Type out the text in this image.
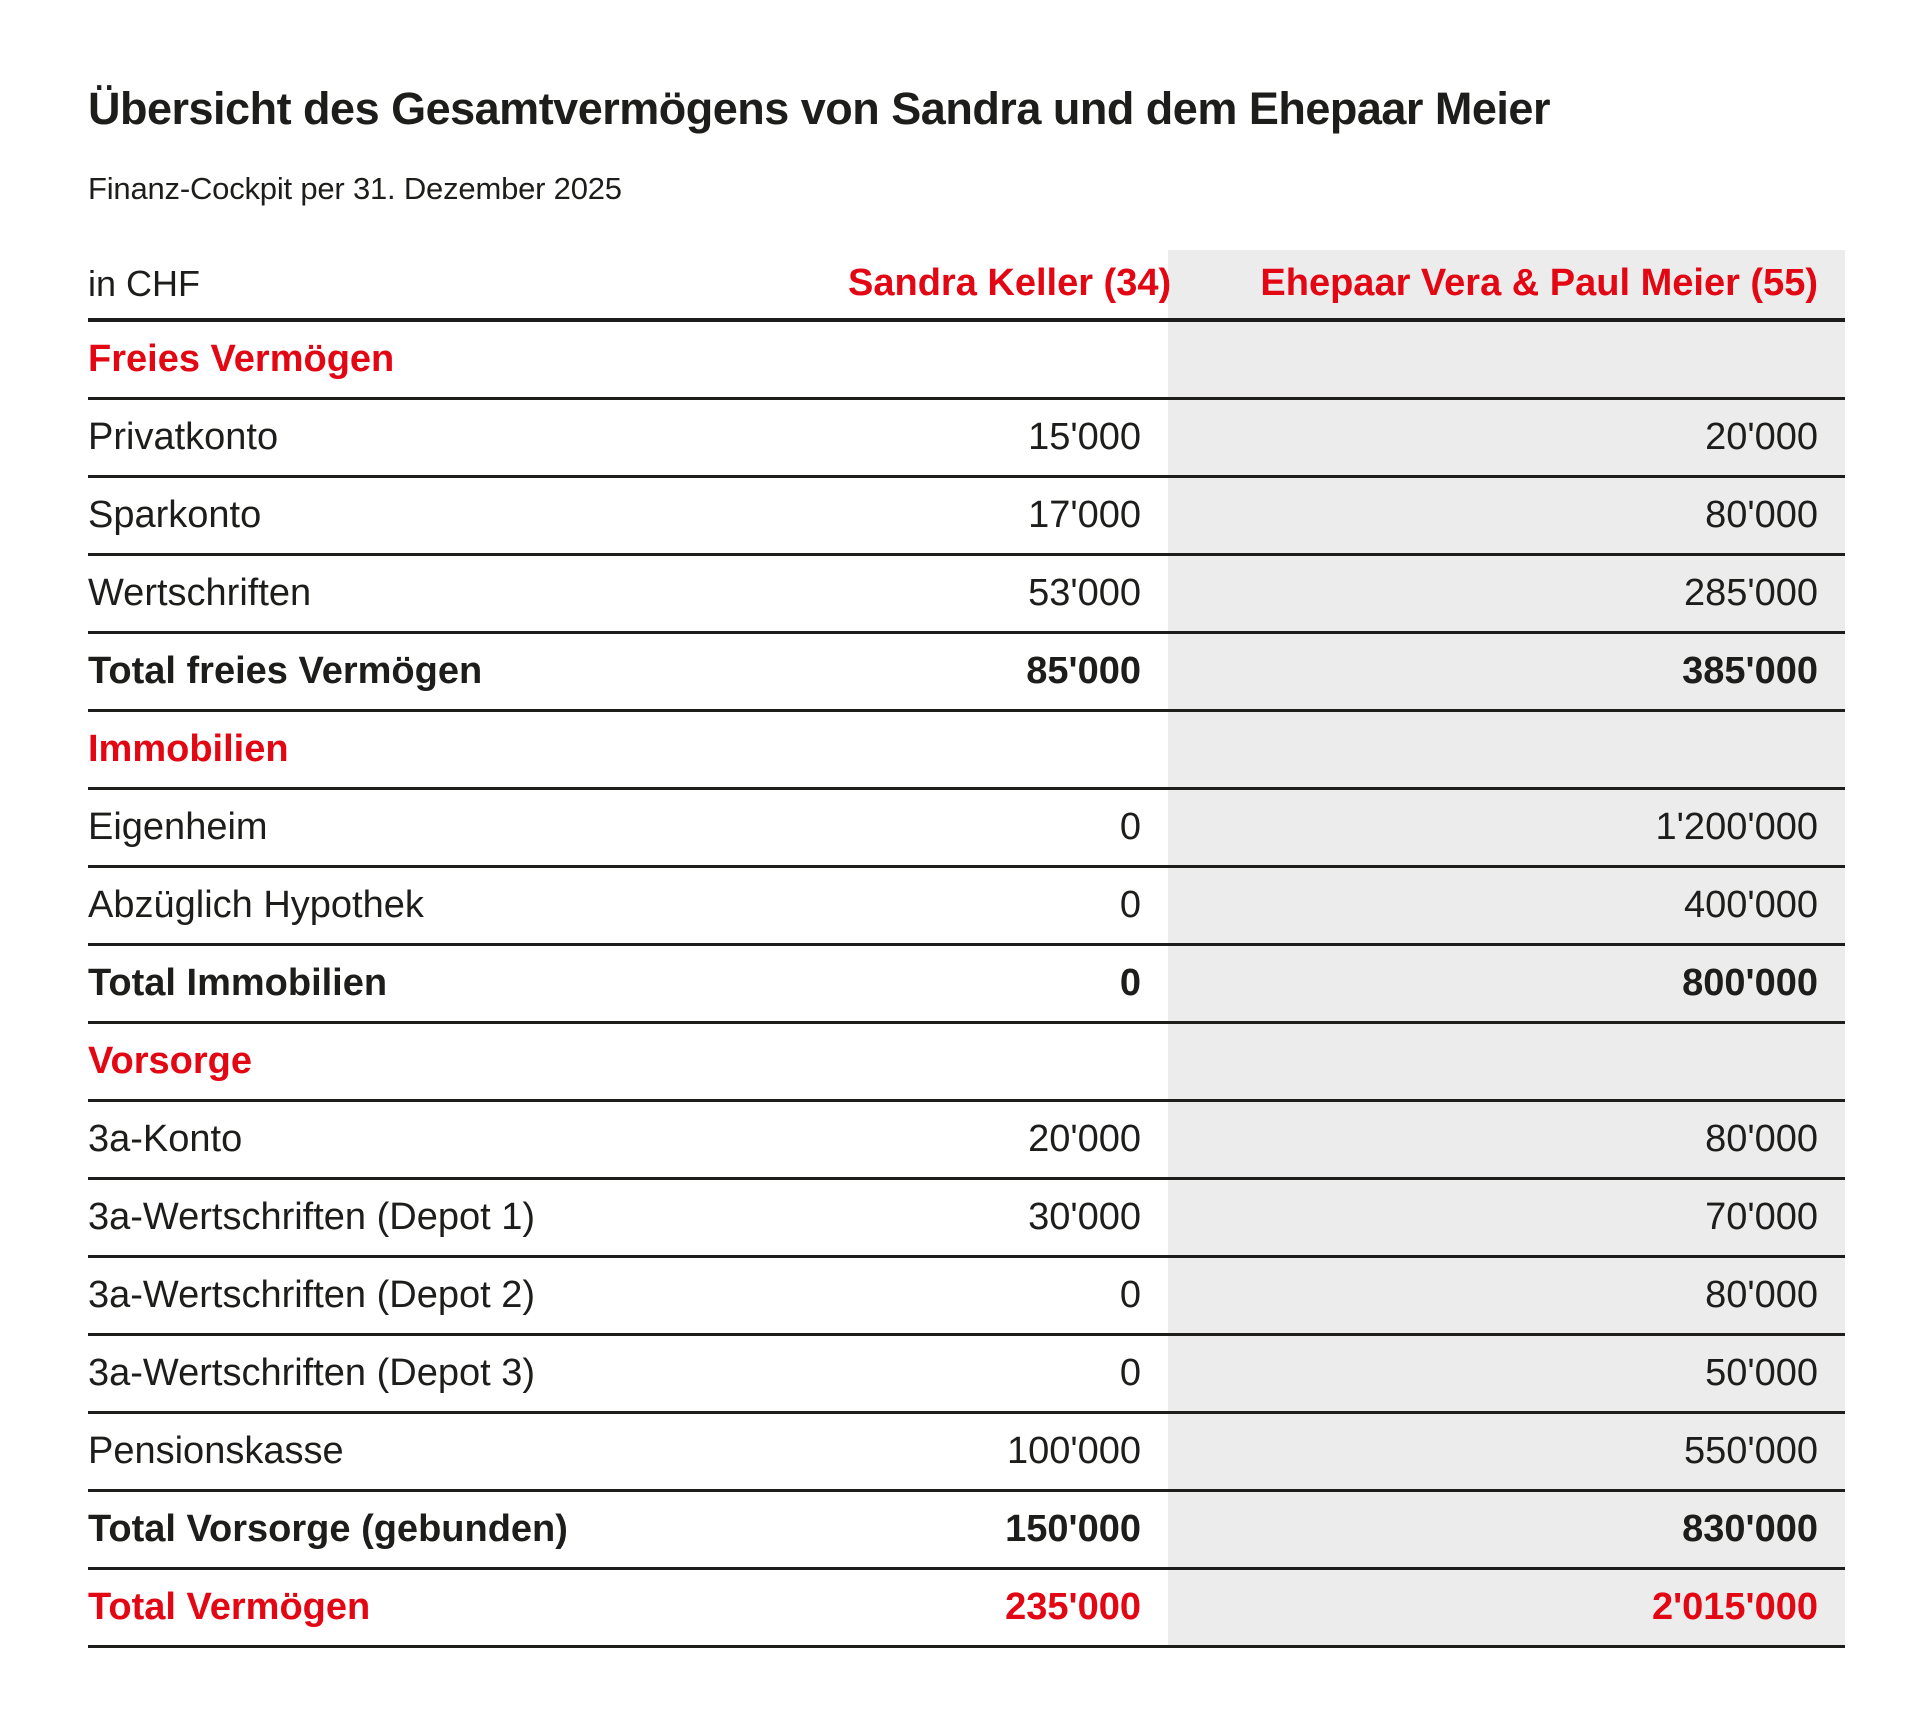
Übersicht des Gesamtvermögens von Sandra und dem Ehepaar Meier
Finanz-Cockpit per 31. Dezember 2025
in CHF	Sandra Keller (34)	Ehepaar Vera & Paul Meier (55)
Freies Vermögen
Privatkonto	15'000	20'000
Sparkonto	17'000	80'000
Wertschriften	53'000	285'000
Total freies Vermögen	85'000	385'000
Immobilien
Eigenheim	0	1'200'000
Abzüglich Hypothek	0	400'000
Total Immobilien	0	800'000
Vorsorge
3a-Konto	20'000	80'000
3a-Wertschriften (Depot 1)	30'000	70'000
3a-Wertschriften (Depot 2)	0	80'000
3a-Wertschriften (Depot 3)	0	50'000
Pensionskasse	100'000	550'000
Total Vorsorge (gebunden)	150'000	830'000
Total Vermögen	235'000	2'015'000
